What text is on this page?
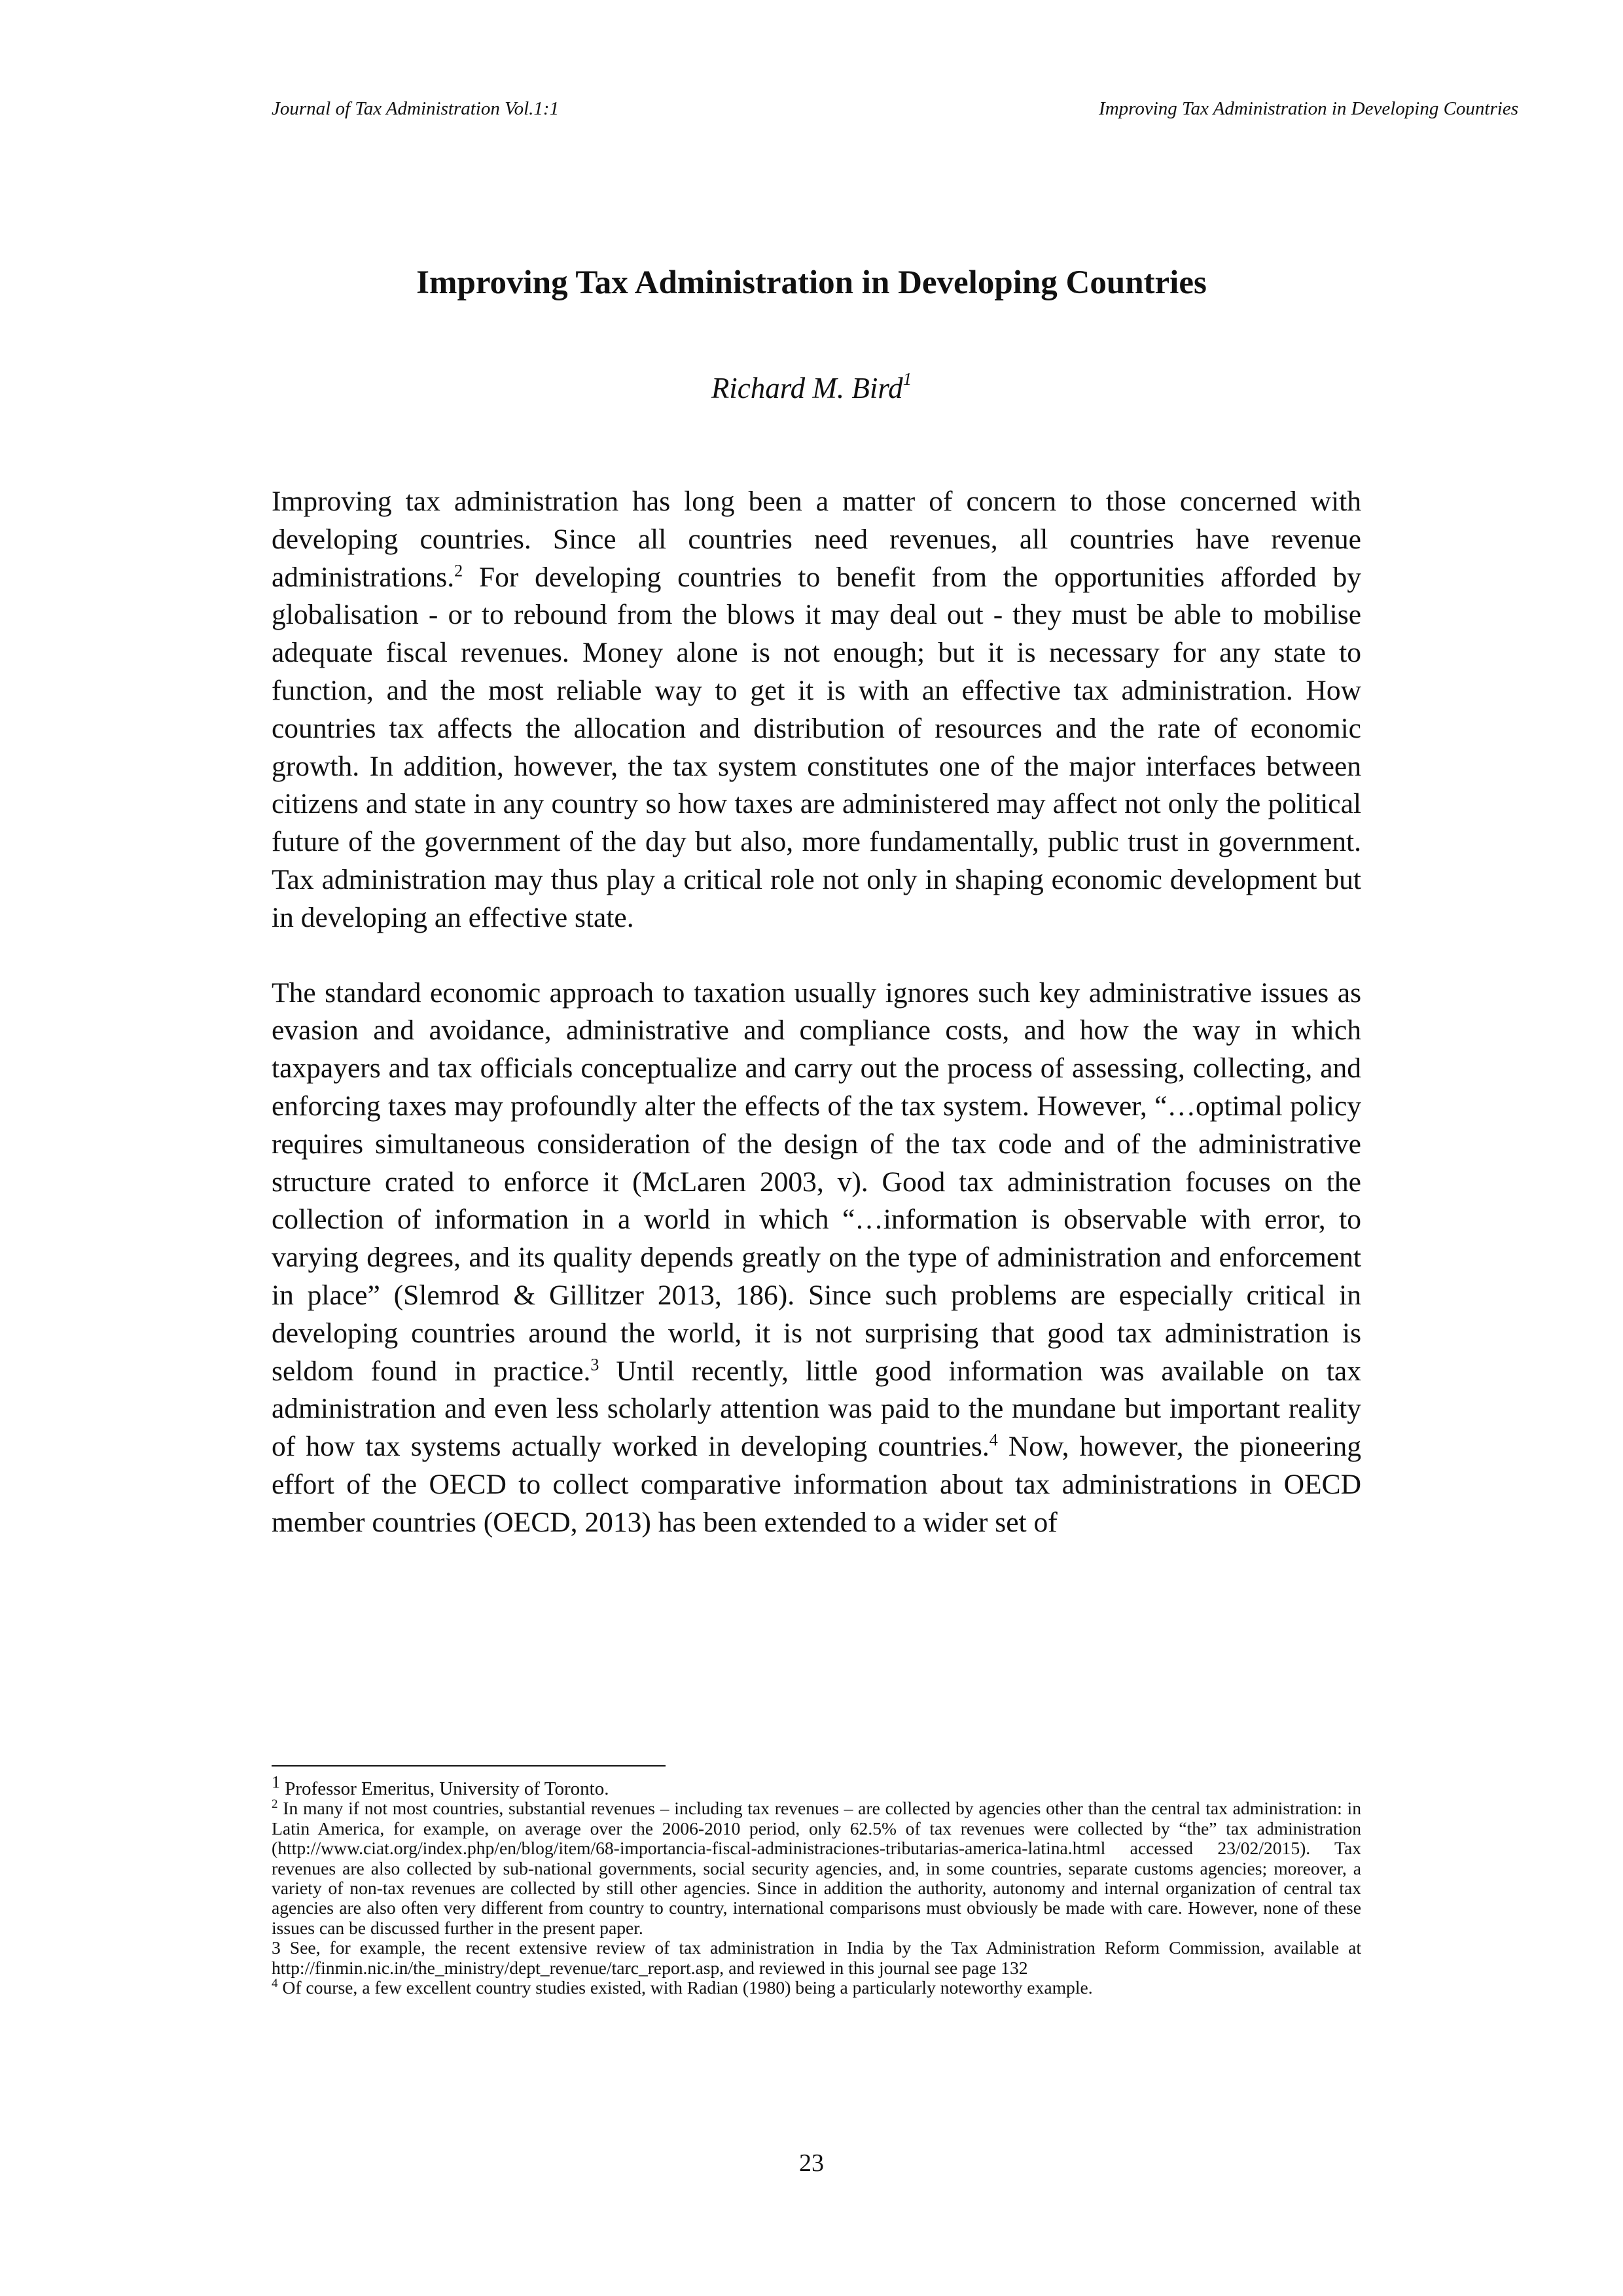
Journal of Tax Administration Vol.1:1	Improving Tax Administration in Developing Countries
Improving Tax Administration in Developing Countries
Richard M. Bird$^1$

Improving tax administration has long been a matter of concern to those concerned with developing countries. Since all countries need revenues, all countries have revenue administrations.$^2$ For developing countries to benefit from the opportunities afforded by globalisation - or to rebound from the blows it may deal out - they must be able to mobilise adequate fiscal revenues. Money alone is not enough; but it is necessary for any state to function, and the most reliable way to get it is with an effective tax administration. How countries tax affects the allocation and distribution of resources and the rate of economic growth. In addition, however, the tax system constitutes one of the major interfaces between citizens and state in any country so how taxes are administered may affect not only the political future of the government of the day but also, more fundamentally, public trust in government. Tax administration may thus play a critical role not only in shaping economic development but in developing an effective state.

The standard economic approach to taxation usually ignores such key administrative issues as evasion and avoidance, administrative and compliance costs, and how the way in which taxpayers and tax officials conceptualize and carry out the process of assessing, collecting, and enforcing taxes may profoundly alter the effects of the tax system. However, “…optimal policy requires simultaneous consideration of the design of the tax code and of the administrative structure crated to enforce it (McLaren 2003, v). Good tax administration focuses on the collection of information in a world in which “…information is observable with error, to varying degrees, and its quality depends greatly on the type of administration and enforcement in place” (Slemrod & Gillitzer 2013, 186). Since such problems are especially critical in developing countries around the world, it is not surprising that good tax administration is seldom found in practice.$^3$ Until recently, little good information was available on tax administration and even less scholarly attention was paid to the mundane but important reality of how tax systems actually worked in developing countries.$^4$ Now, however, the pioneering effort of the OECD to collect comparative information about tax administrations in OECD member countries (OECD, 2013) has been extended to a wider set of

$^1$ Professor Emeritus, University of Toronto.

$^2$ In many if not most countries, substantial revenues – including tax revenues – are collected by agencies other than the central tax administration: in Latin America, for example, on average over the 2006-2010 period, only 62.5% of tax revenues were collected by “the” tax administration (http://www.ciat.org/index.php/en/blog/item/68-importancia-fiscal-administraciones-tributarias-america-latina.html accessed 23/02/2015). Tax revenues are also collected by sub-national governments, social security agencies, and, in some countries, separate customs agencies; moreover, a variety of non-tax revenues are collected by still other agencies. Since in addition the authority, autonomy and internal organization of central tax agencies are also often very different from country to country, international comparisons must obviously be made with care. However, none of these issues can be discussed further in the present paper.

3 See, for example, the recent extensive review of tax administration in India by the Tax Administration Reform Commission, available at http://finmin.nic.in/the_ministry/dept_revenue/tarc_report.asp, and reviewed in this journal see page 132

$^4$ Of course, a few excellent country studies existed, with Radian (1980) being a particularly noteworthy example.

23
